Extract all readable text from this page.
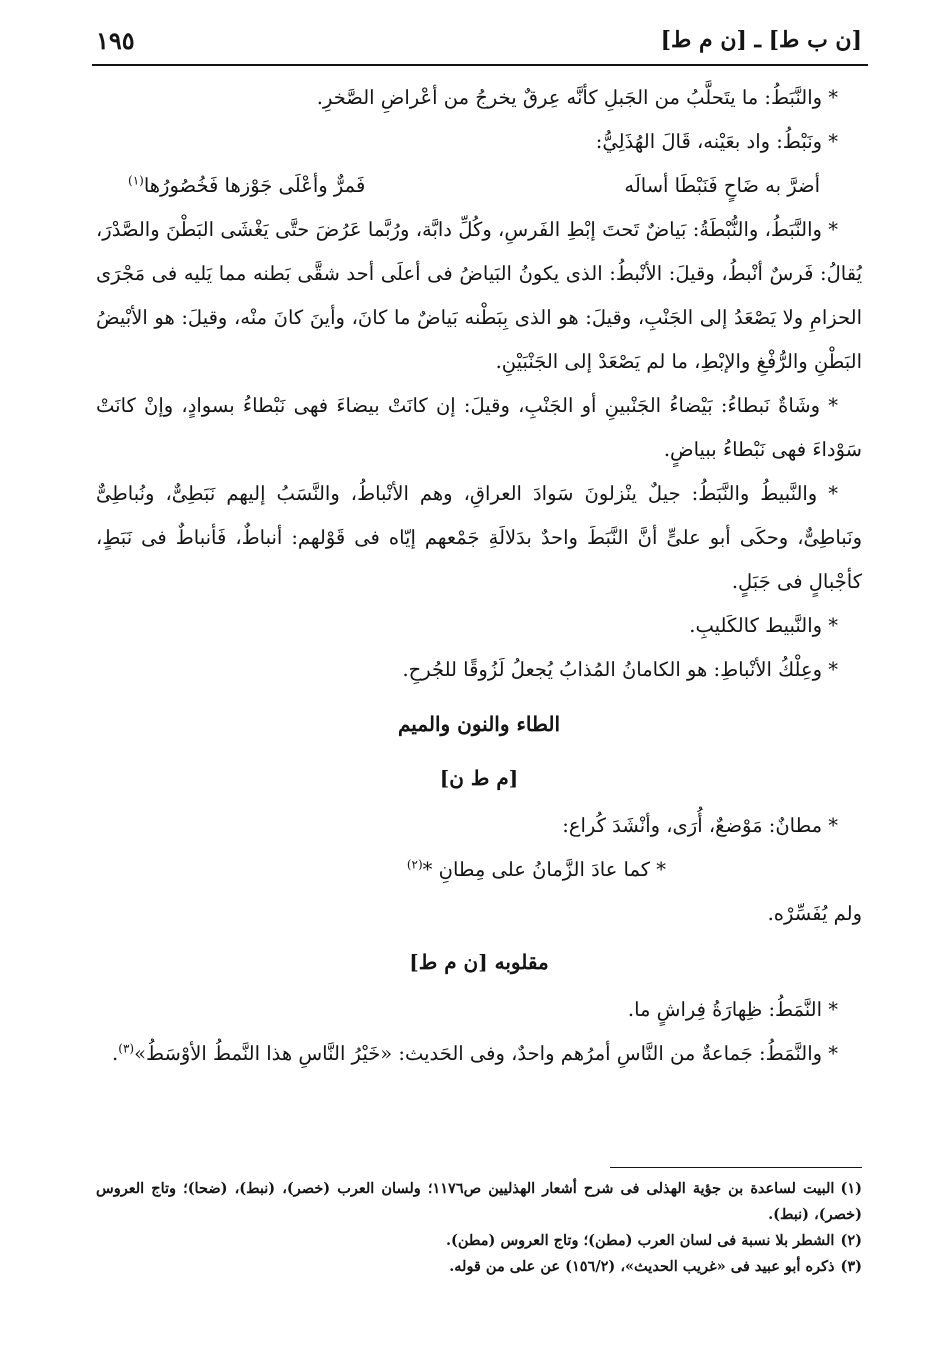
[ن ب ط] ـ [ن م ط]
١٩٥

* والنَّبَطُ: ما يتَحلَّبُ من الجَبلِ كأنَّه عِرقٌ يخرجُ من أعْراضِ الصَّخرِ.

* ونَبْطُ: واد بعَيْنه، قَالَ الهُذَلِيُّ:

أضرَّ به ضَاحٍ فَنَبْطَا أسالَه
فَمرٌّ وأعْلَى جَوْزها فَخُصُورُها$^{(١)}$

* والنَّبَطُ، والنُّبْطَةُ: بَياضٌ تَحتَ إبْطِ الفَرسِ، وكُلِّ دابَّة، ورُبَّما عَرُضَ حتَّى يَغْشَى البَطْنَ والصَّدْرَ، يُقالُ: فَرسٌ أنْبطُ، وقيلَ: الأنْبطُ: الذى يكونُ البَياضُ فى أعلَى أحد شقَّى بَطنه مما يَليه فى مَجْرَى الحزامِ ولا يَصْعَدُ إلى الجَنْبِ، وقيلَ: هو الذى بِبَطْنه بَياضٌ ما كانَ، وأينَ كانَ منْه، وقيلَ: هو الأبْيضُ البَطْنِ والرُّفْغِ والإبْطِ، ما لم يَصْعَدْ إلى الجَنْبَيْنِ.

* وشَاةٌ نَبطاءُ: بَيْضاءُ الجَنْبينِ أو الجَنْبِ، وقيلَ: إن كانَتْ بيضاءَ فهى نَبْطاءُ بسوادٍ، وإنْ كانَتْ سَوْداءَ فهى نَبْطاءُ ببياضٍ.

* والنَّبيطُ والنَّبَطُ: جيلٌ ينْزلونَ سَوادَ العراقِ، وهم الأنْباطُ، والنَّسَبُ إليهم نَبَطِىٌّ، ونُباطِىٌّ ونَباطِىٌّ، وحكَى أبو علىٍّ أنَّ النَّبَطَ واحدٌ بدَلالَةِ جَمْعهم إيّاه فى قَوْلهم: أنباطٌ، فَأنباطٌ فى نَبَطٍ، كأجْبالٍ فى جَبَلٍ.

* والنَّبيط كالكَليبِ.

* وعِلْكُ الأنْباطِ: هو الكامانُ المُذابُ يُجعلُ لَزُوقًا للجُرحِ.

الطاء والنون والميم
[م ط ن]

* مطانٌ: مَوْضعٌ، أُرَى، وأنْشَدَ كُراع:

* كما عادَ الزَّمانُ على مِطانِ *$^{(٢)}$

ولم يُفَسِّرْه.

مقلوبه [ن م ط]

* النَّمَطُ: ظِهارَةُ فِراشٍ ما.

* والنَّمَطُ: جَماعةٌ من النَّاسِ أمرُهم واحدٌ، وفى الحَديث: «خَيْرُ النَّاسِ هذا النَّمطُ الأوْسَطُ»$^{(٣)}$.

(١)البيت لساعدة بن جؤية الهذلى فى شرح أشعار الهذليين ص١١٧٦؛ ولسان العرب (خصر)، (نبط)، (ضحا)؛ وتاج العروس (خصر)، (نبط).

(٢)الشطر بلا نسبة فى لسان العرب (مطن)؛ وتاج العروس (مطن).

(٣)ذكره أبو عبيد فى «غريب الحديث»، (١٥٦/٢) عن على من قوله.
